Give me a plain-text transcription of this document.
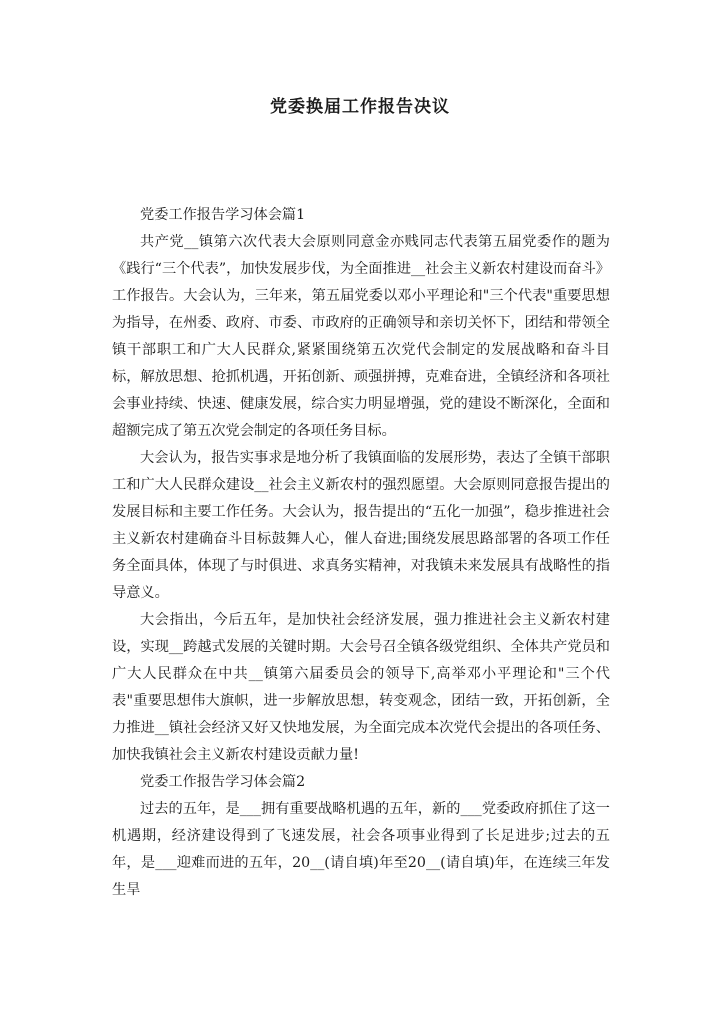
党委换届工作报告决议

党委工作报告学习体会篇1

共产党__镇第六次代表大会原则同意金亦贱同志代表第五届党委作的题为《践行“三个代表”，加快发展步伐，为全面推进__社会主义新农村建设而奋斗》工作报告。大会认为，三年来，第五届党委以邓小平理论和"三个代表"重要思想为指导，在州委、政府、市委、市政府的正确领导和亲切关怀下，团结和带领全镇干部职工和广大人民群众,紧紧围绕第五次党代会制定的发展战略和奋斗目标，解放思想、抢抓机遇，开拓创新、顽强拼搏，克难奋进，全镇经济和各项社会事业持续、快速、健康发展，综合实力明显增强，党的建设不断深化，全面和超额完成了第五次党会制定的各项任务目标。

大会认为，报告实事求是地分析了我镇面临的发展形势，表达了全镇干部职工和广大人民群众建设__社会主义新农村的强烈愿望。大会原则同意报告提出的发展目标和主要工作任务。大会认为，报告提出的“五化一加强”，稳步推进社会主义新农村建确奋斗目标鼓舞人心，催人奋进;围绕发展思路部署的各项工作任务全面具体，体现了与时俱进、求真务实精神，对我镇未来发展具有战略性的指导意义。

大会指出，今后五年，是加快社会经济发展，强力推进社会主义新农村建设，实现__跨越式发展的关键时期。大会号召全镇各级党组织、全体共产党员和广大人民群众在中共__镇第六届委员会的领导下,高举邓小平理论和"三个代表"重要思想伟大旗帜，进一步解放思想，转变观念，团结一致，开拓创新，全力推进__镇社会经济又好又快地发展，为全面完成本次党代会提出的各项任务、加快我镇社会主义新农村建设贡献力量!

党委工作报告学习体会篇2

过去的五年，是___拥有重要战略机遇的五年，新的___党委政府抓住了这一机遇期，经济建设得到了飞速发展，社会各项事业得到了长足进步;过去的五年，是___迎难而进的五年，20__(请自填)年至20__(请自填)年，在连续三年发生旱
